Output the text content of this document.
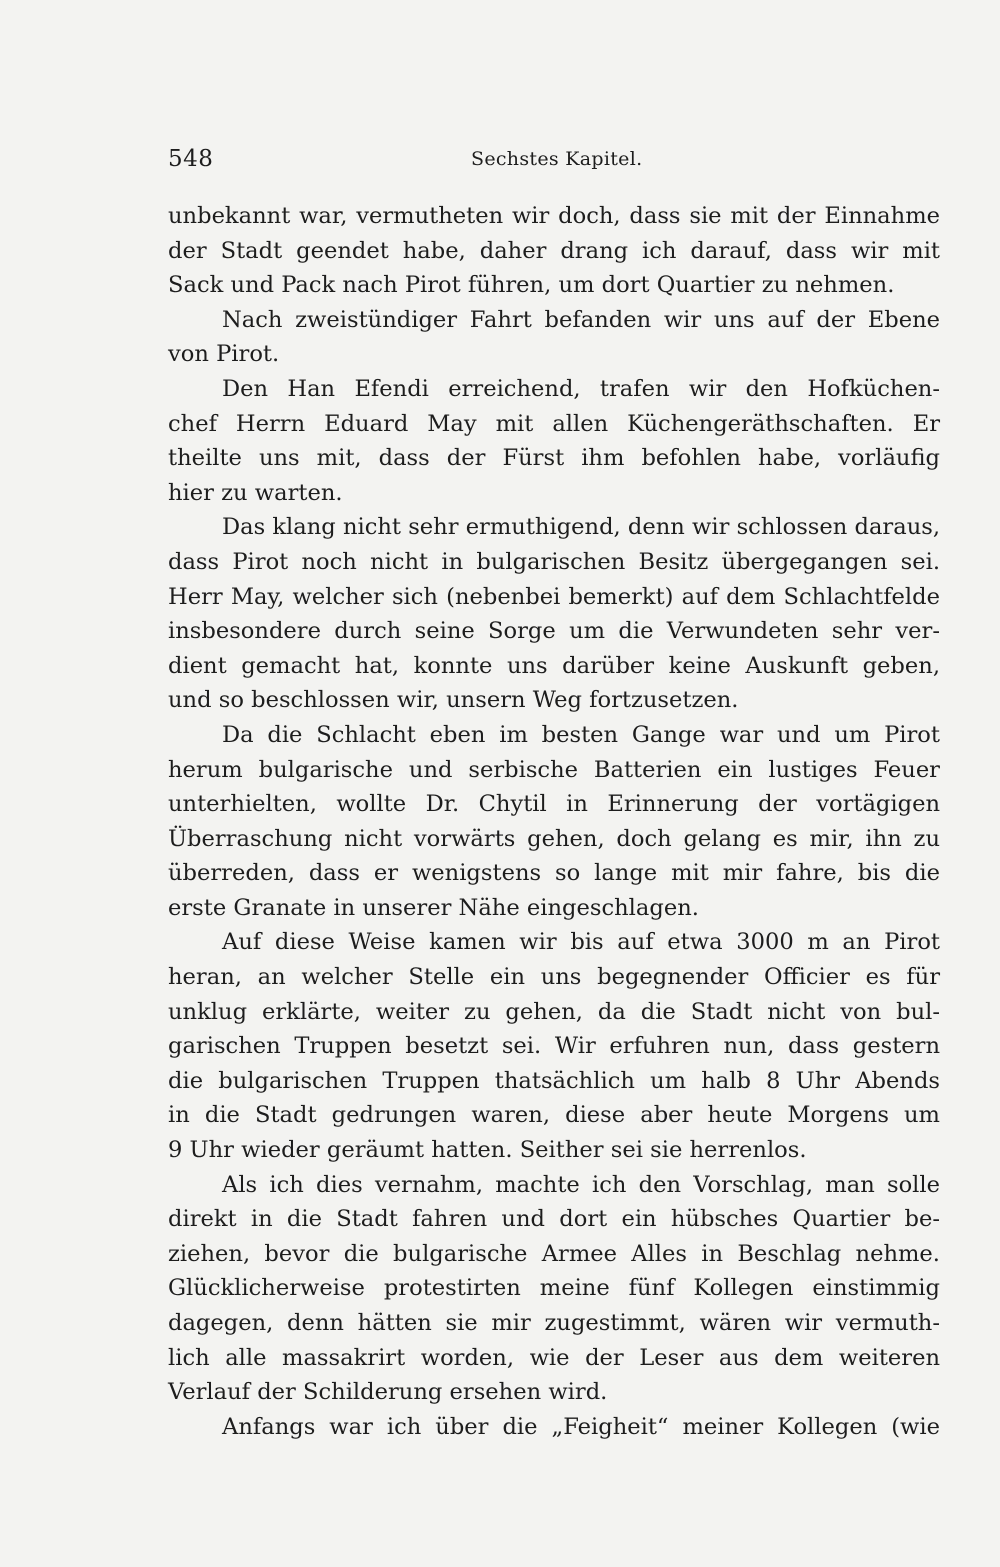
548	Sechstes Kapitel.
unbekannt war, vermutheten wir doch, dass sie mit der Einnahme
der Stadt geendet habe, daher drang ich darauf, dass wir mit
Sack und Pack nach Pirot führen, um dort Quartier zu nehmen.
Nach zweistündiger Fahrt befanden wir uns auf der Ebene
von Pirot.
Den Han Efendi erreichend, trafen wir den Hofküchen-
chef Herrn Eduard May mit allen Küchengeräthschaften. Er
theilte uns mit, dass der Fürst ihm befohlen habe, vorläufig
hier zu warten.
Das klang nicht sehr ermuthigend, denn wir schlossen daraus,
dass Pirot noch nicht in bulgarischen Besitz übergegangen sei.
Herr May, welcher sich (nebenbei bemerkt) auf dem Schlachtfelde
insbesondere durch seine Sorge um die Verwundeten sehr ver-
dient gemacht hat, konnte uns darüber keine Auskunft geben,
und so beschlossen wir, unsern Weg fortzusetzen.
Da die Schlacht eben im besten Gange war und um Pirot
herum bulgarische und serbische Batterien ein lustiges Feuer
unterhielten, wollte Dr. Chytil in Erinnerung der vortägigen
Überraschung nicht vorwärts gehen, doch gelang es mir, ihn zu
überreden, dass er wenigstens so lange mit mir fahre, bis die
erste Granate in unserer Nähe eingeschlagen.
Auf diese Weise kamen wir bis auf etwa 3000 m an Pirot
heran, an welcher Stelle ein uns begegnender Officier es für
unklug erklärte, weiter zu gehen, da die Stadt nicht von bul-
garischen Truppen besetzt sei. Wir erfuhren nun, dass gestern
die bulgarischen Truppen thatsächlich um halb 8 Uhr Abends
in die Stadt gedrungen waren, diese aber heute Morgens um
9 Uhr wieder geräumt hatten. Seither sei sie herrenlos.
Als ich dies vernahm, machte ich den Vorschlag, man solle
direkt in die Stadt fahren und dort ein hübsches Quartier be-
ziehen, bevor die bulgarische Armee Alles in Beschlag nehme.
Glücklicherweise protestirten meine fünf Kollegen einstimmig
dagegen, denn hätten sie mir zugestimmt, wären wir vermuth-
lich alle massakrirt worden, wie der Leser aus dem weiteren
Verlauf der Schilderung ersehen wird.
Anfangs war ich über die „Feigheit“ meiner Kollegen (wie
